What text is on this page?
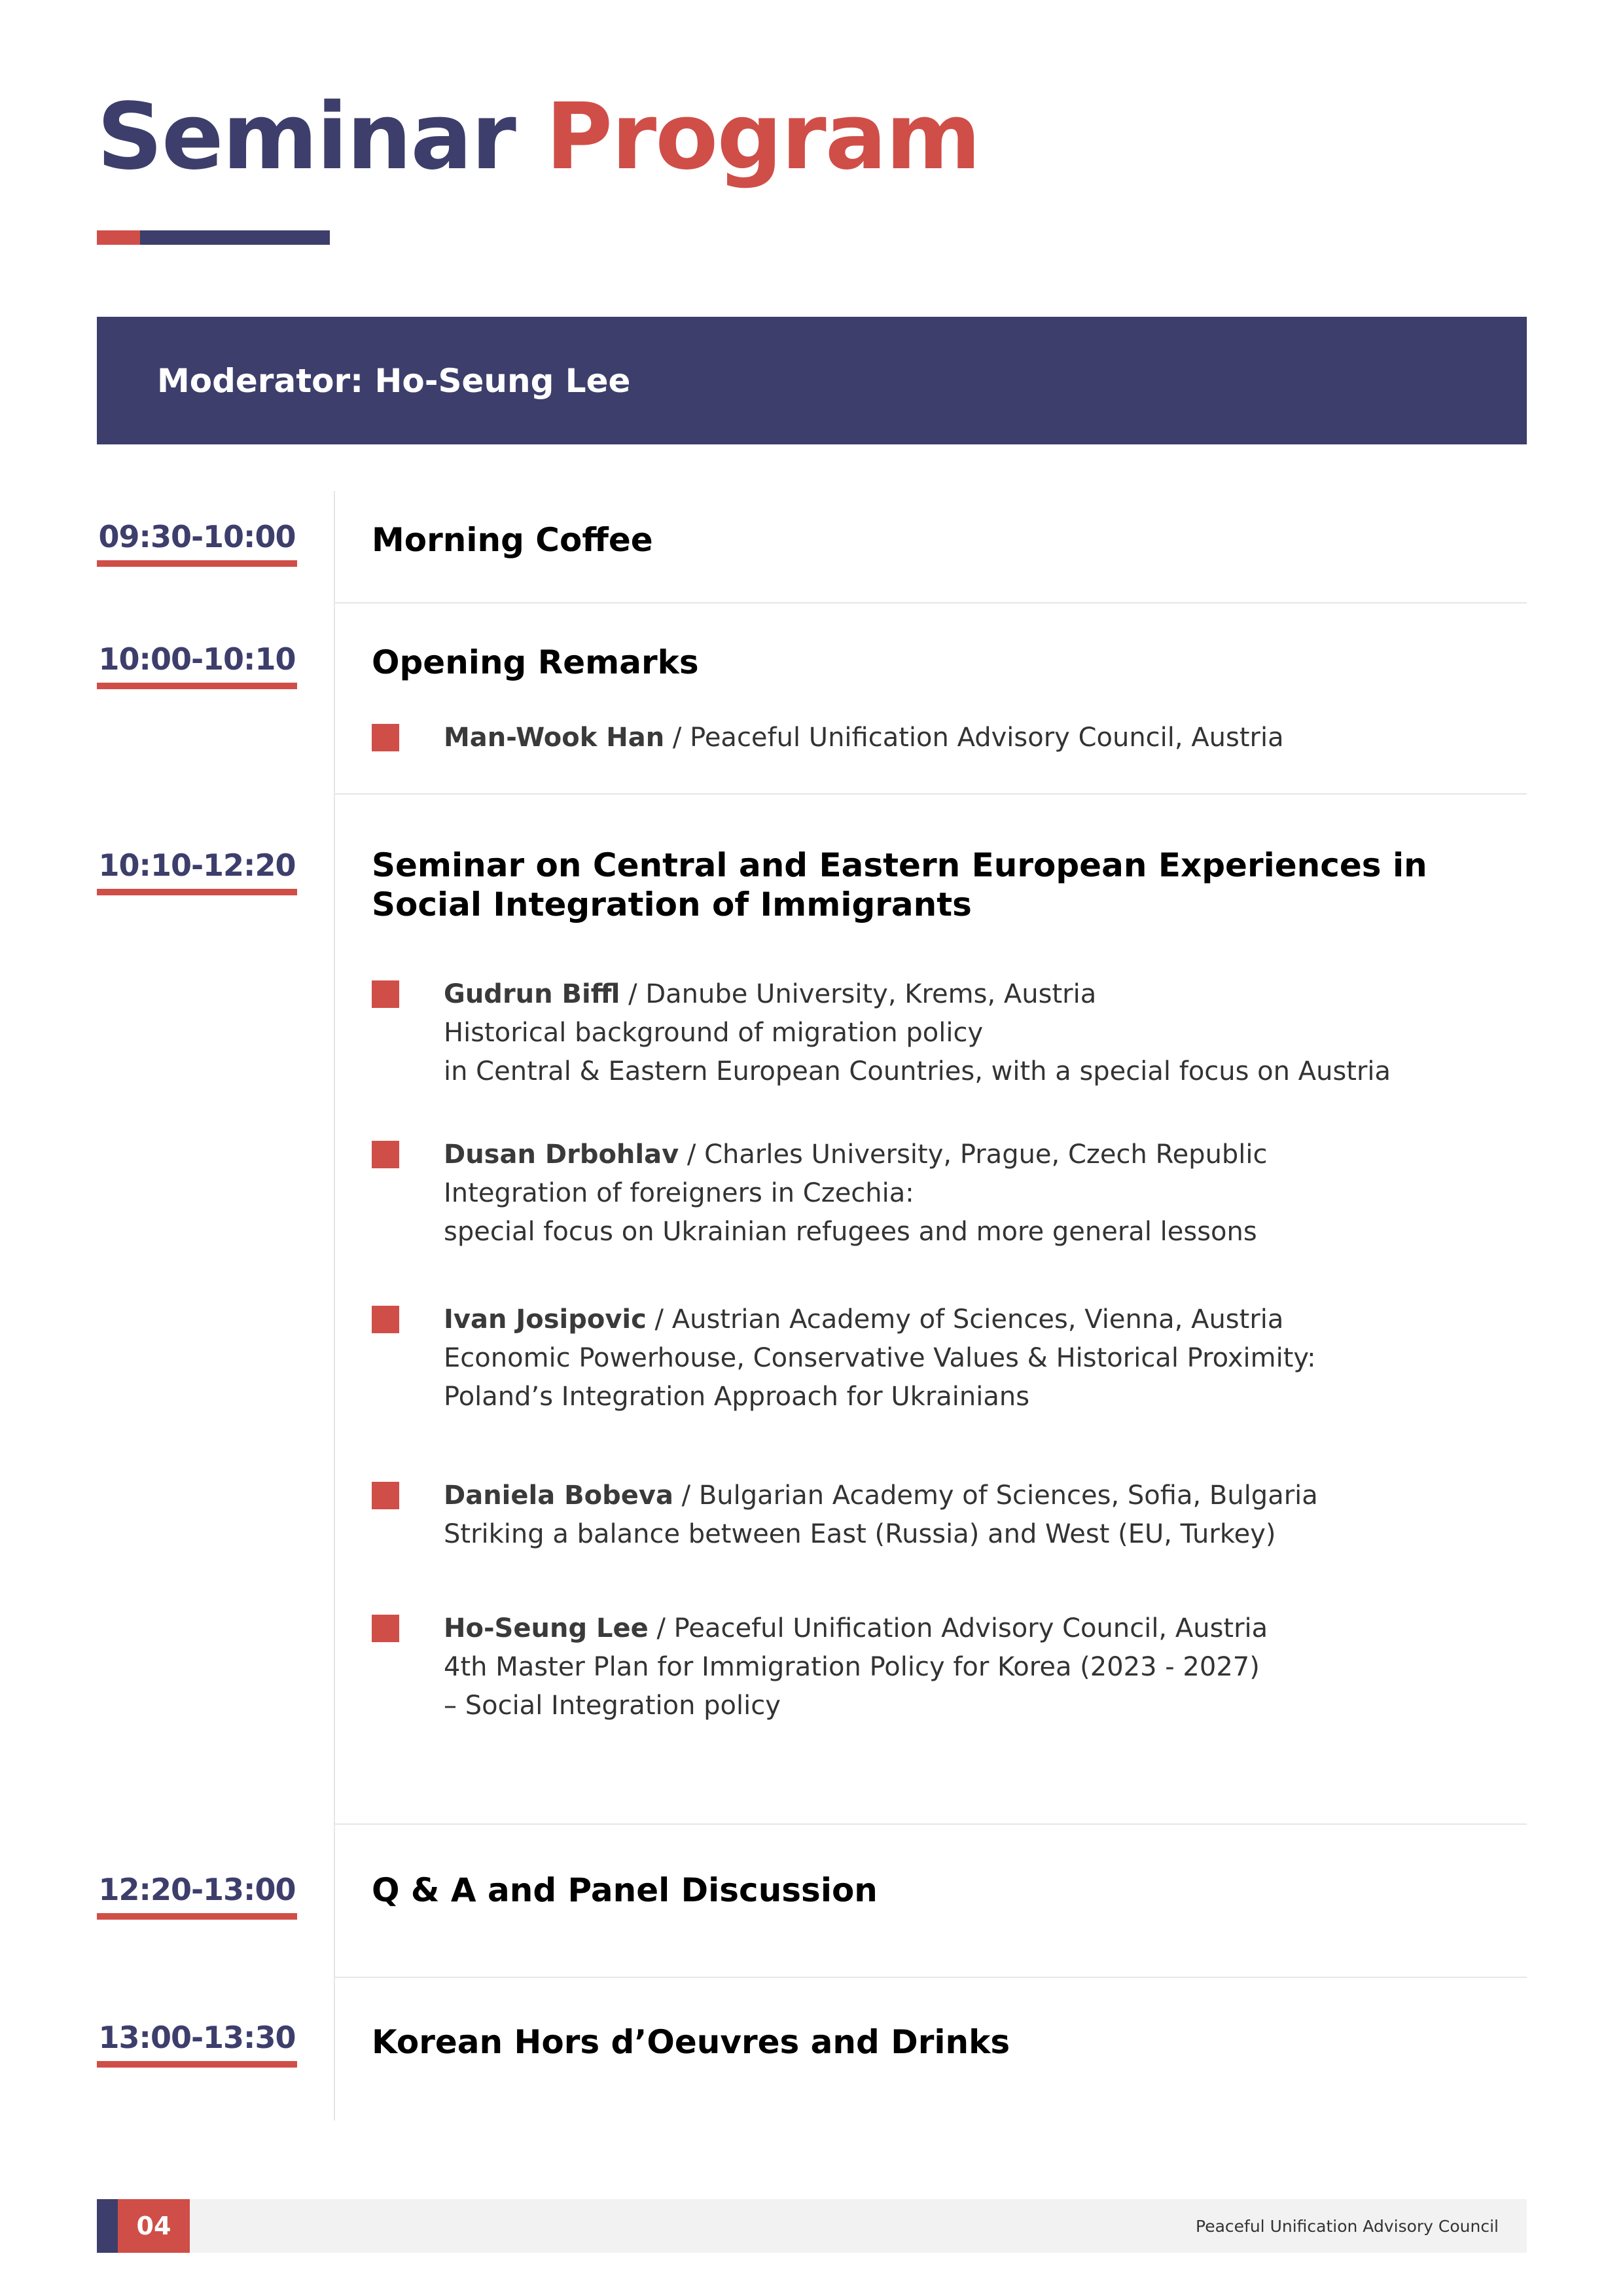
Seminar Program
Moderator: Ho-Seung Lee
09:30-10:00 Morning Coffee
10:00-10:10 Opening Remarks
Man-Wook Han / Peaceful Unification Advisory Council, Austria
10:10-12:20 Seminar on Central and Eastern European Experiences in
Social Integration of Immigrants
Gudrun Biffl / Danube University, Krems, Austria
Historical background of migration policy
in Central & Eastern European Countries, with a special focus on Austria
Dusan Drbohlav / Charles University, Prague, Czech Republic
Integration of foreigners in Czechia:
special focus on Ukrainian refugees and more general lessons
Ivan Josipovic / Austrian Academy of Sciences, Vienna, Austria
Economic Powerhouse, Conservative Values & Historical Proximity:
Poland’s Integration Approach for Ukrainians
Daniela Bobeva / Bulgarian Academy of Sciences, Sofia, Bulgaria
Striking a balance between East (Russia) and West (EU, Turkey)
Ho-Seung Lee / Peaceful Unification Advisory Council, Austria
4th Master Plan for Immigration Policy for Korea (2023 - 2027)
– Social Integration policy
12:20-13:00 Q & A and Panel Discussion
13:00-13:30 Korean Hors d’Oeuvres and Drinks
04	Peaceful Unification Advisory Council
